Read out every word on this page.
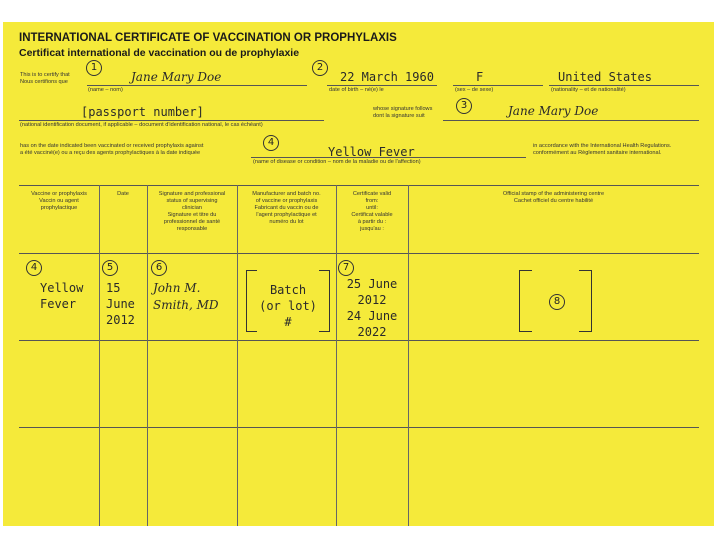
INTERNATIONAL CERTIFICATE OF VACCINATION OR PROPHYLAXIS
Certificat international de vaccination ou de prophylaxie
This is to certify that
Nous certifions que
1
Jane Mary Doe
(name – nom)
2
22 March 1960
date of birth – né(e) le
F
(sex – de sexe)
United States
(nationality – et de nationalité)
[passport number]
(national identification document, if applicable – document d'identification national, le cas échéant)
whose signature follows
dont la signature suit
3	Jane Mary Doe
has on the date indicated been vaccinated or received prophylaxis against
a été vacciné(e) ou a reçu des agents prophylactiques à la date indiquée
4
Yellow Fever
(name of disease or condition – nom de la maladie ou de l'affection)
in accordance with the International Health Regulations.
conformément au Règlement sanitaire international.
Vaccine or prophylaxis
Vaccin ou agent
prophylactique
Date	Signature and professional
status of supervising
clinician
Signature et titre du
professionnel de santé
responsable
Manufacturer and batch no.
of vaccine or prophylaxis
Fabricant du vaccin ou de
l'agent prophylactique et
numéro du lot
Certificate valid
from:
until:
Certificat valable
à partir du :
jusqu'au :
Official stamp of the administering centre
Cachet officiel du centre habilité
4
Yellow
Fever
5
15
June
2012
6
John M.
Smith, MD
Batch
(or lot)
#
7
25 June
2012
24 June
2022
8
